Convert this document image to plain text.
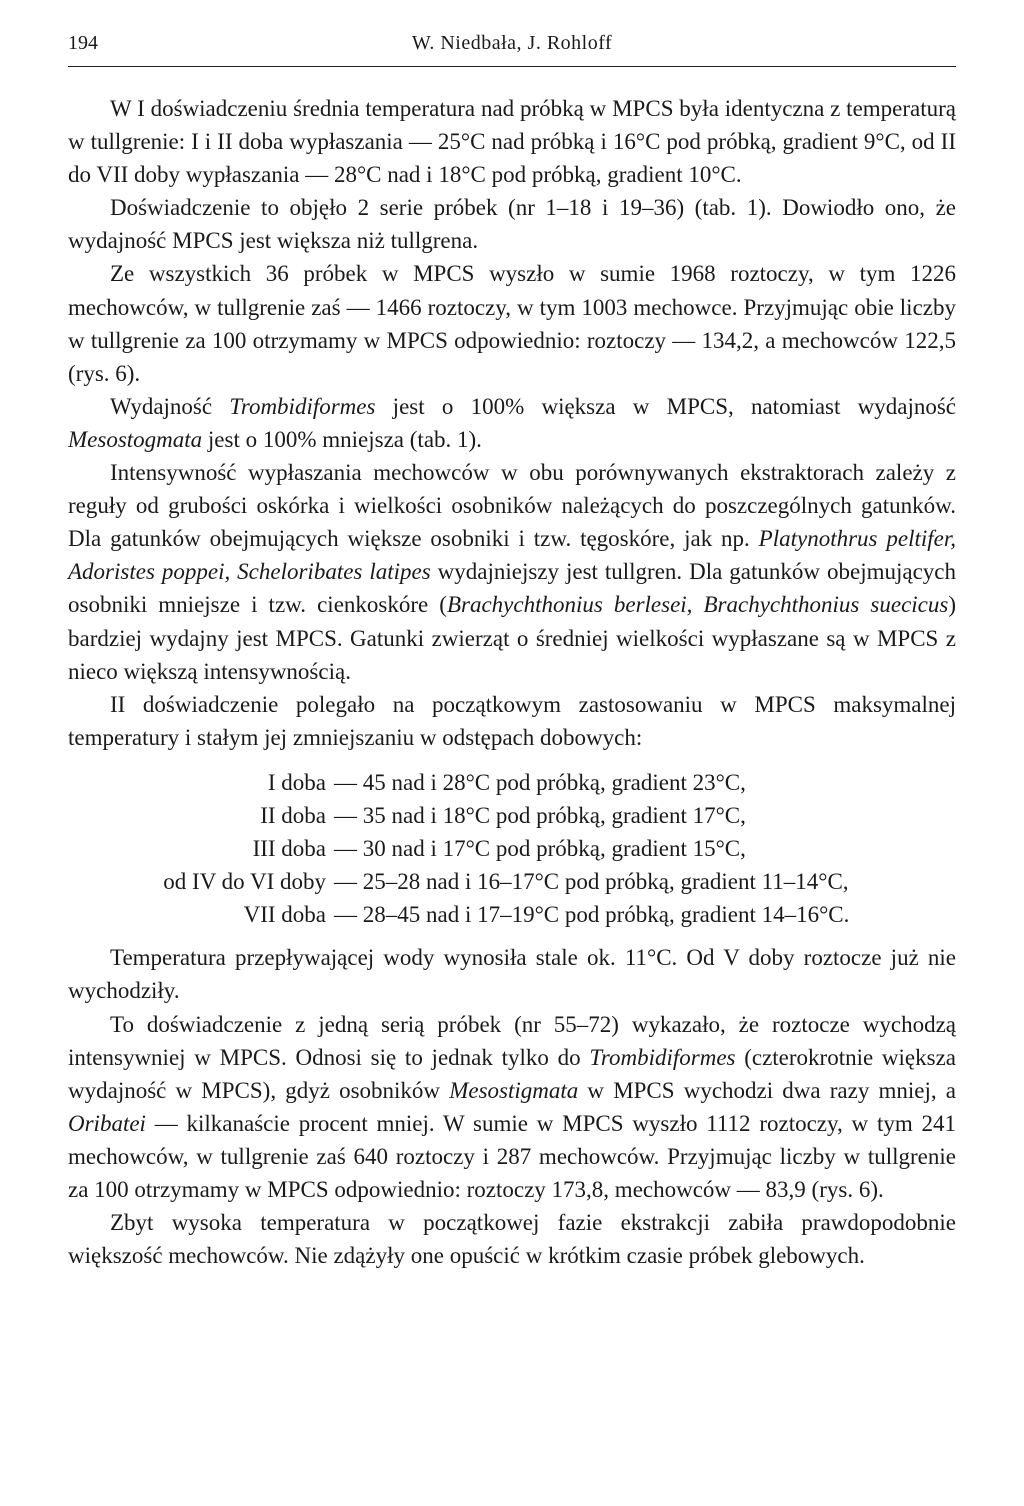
194	W. Niedbała, J. Rohloff

W I doświadczeniu średnia temperatura nad próbką w MPCS była identyczna z temperaturą w tullgrenie: I i II doba wypłaszania — 25°C nad próbką i 16°C pod próbką, gradient 9°C, od II do VII doby wypłaszania — 28°C nad i 18°C pod próbką, gradient 10°C.

Doświadczenie to objęło 2 serie próbek (nr 1–18 i 19–36) (tab. 1). Dowiodło ono, że wydajność MPCS jest większa niż tullgrena.

Ze wszystkich 36 próbek w MPCS wyszło w sumie 1968 roztoczy, w tym 1226 mechowców, w tullgrenie zaś — 1466 roztoczy, w tym 1003 mechowce. Przyjmując obie liczby w tullgrenie za 100 otrzymamy w MPCS odpowiednio: roztoczy — 134,2, a mechowców 122,5 (rys. 6).

Wydajność Trombidiformes jest o 100% większa w MPCS, natomiast wydajność Mesostogmata jest o 100% mniejsza (tab. 1).

Intensywność wypłaszania mechowców w obu porównywanych ekstraktorach zależy z reguły od grubości oskórka i wielkości osobników należących do poszczególnych gatunków. Dla gatunków obejmujących większe osobniki i tzw. tęgoskóre, jak np. Platynothrus peltifer, Adoristes poppei, Scheloribates latipes wydajniejszy jest tullgren. Dla gatunków obejmujących osobniki mniejsze i tzw. cienkoskóre (Brachychthonius berlesei, Brachychthonius suecicus) bardziej wydajny jest MPCS. Gatunki zwierząt o średniej wielkości wypłaszane są w MPCS z nieco większą intensywnością.

II doświadczenie polegało na początkowym zastosowaniu w MPCS maksymalnej temperatury i stałym jej zmniejszaniu w odstępach dobowych:

I doba	— 45 nad i 28°C pod próbką, gradient 23°C,
II doba	— 35 nad i 18°C pod próbką, gradient 17°C,
III doba	— 30 nad i 17°C pod próbką, gradient 15°C,
od IV do VI doby	— 25–28 nad i 16–17°C pod próbką, gradient 11–14°C,
VII doba	— 28–45 nad i 17–19°C pod próbką, gradient 14–16°C.

Temperatura przepływającej wody wynosiła stale ok. 11°C. Od V doby roztocze już nie wychodziły.

To doświadczenie z jedną serią próbek (nr 55–72) wykazało, że roztocze wychodzą intensywniej w MPCS. Odnosi się to jednak tylko do Trombidiformes (czterokrotnie większa wydajność w MPCS), gdyż osobników Mesostigmata w MPCS wychodzi dwa razy mniej, a Oribatei — kilkanaście procent mniej. W sumie w MPCS wyszło 1112 roztoczy, w tym 241 mechowców, w tullgrenie zaś 640 roztoczy i 287 mechowców. Przyjmując liczby w tullgrenie za 100 otrzymamy w MPCS odpowiednio: roztoczy 173,8, mechowców — 83,9 (rys. 6).

Zbyt wysoka temperatura w początkowej fazie ekstrakcji zabiła prawdopodobnie większość mechowców. Nie zdążyły one opuścić w krótkim czasie próbek glebowych.
